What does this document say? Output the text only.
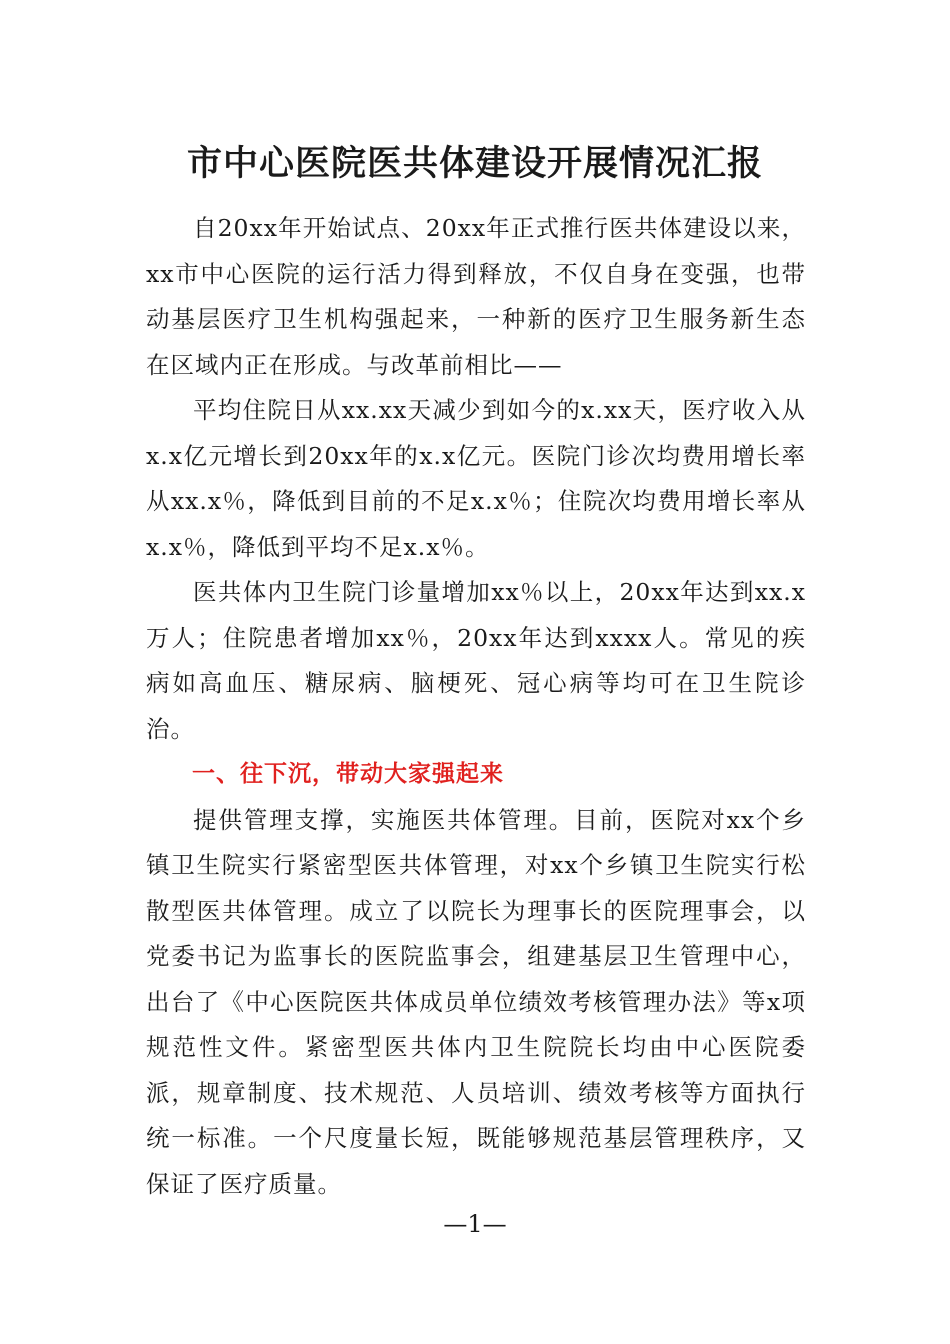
市中心医院医共体建设开展情况汇报

自20xx年开始试点、20xx年正式推行医共体建设以来，xx市中心医院的运行活力得到释放，不仅自身在变强，也带动基层医疗卫生机构强起来，一种新的医疗卫生服务新生态在区域内正在形成。与改革前相比——

平均住院日从xx.xx天减少到如今的x.xx天，医疗收入从x.x亿元增长到20xx年的x.x亿元。医院门诊次均费用增长率从xx.x％，降低到目前的不足x.x％；住院次均费用增长率从x.x％，降低到平均不足x.x％。

医共体内卫生院门诊量增加xx％以上，20xx年达到xx.x万人；住院患者增加xx％，20xx年达到xxxx人。常见的疾病如高血压、糖尿病、脑梗死、冠心病等均可在卫生院诊治。

一、往下沉，带动大家强起来

提供管理支撑，实施医共体管理。目前，医院对xx个乡镇卫生院实行紧密型医共体管理，对xx个乡镇卫生院实行松散型医共体管理。成立了以院长为理事长的医院理事会，以党委书记为监事长的医院监事会，组建基层卫生管理中心，出台了《中心医院医共体成员单位绩效考核管理办法》等x项规范性文件。紧密型医共体内卫生院院长均由中心医院委派，规章制度、技术规范、人员培训、绩效考核等方面执行统一标准。一个尺度量长短，既能够规范基层管理秩序，又保证了医疗质量。

—1—
